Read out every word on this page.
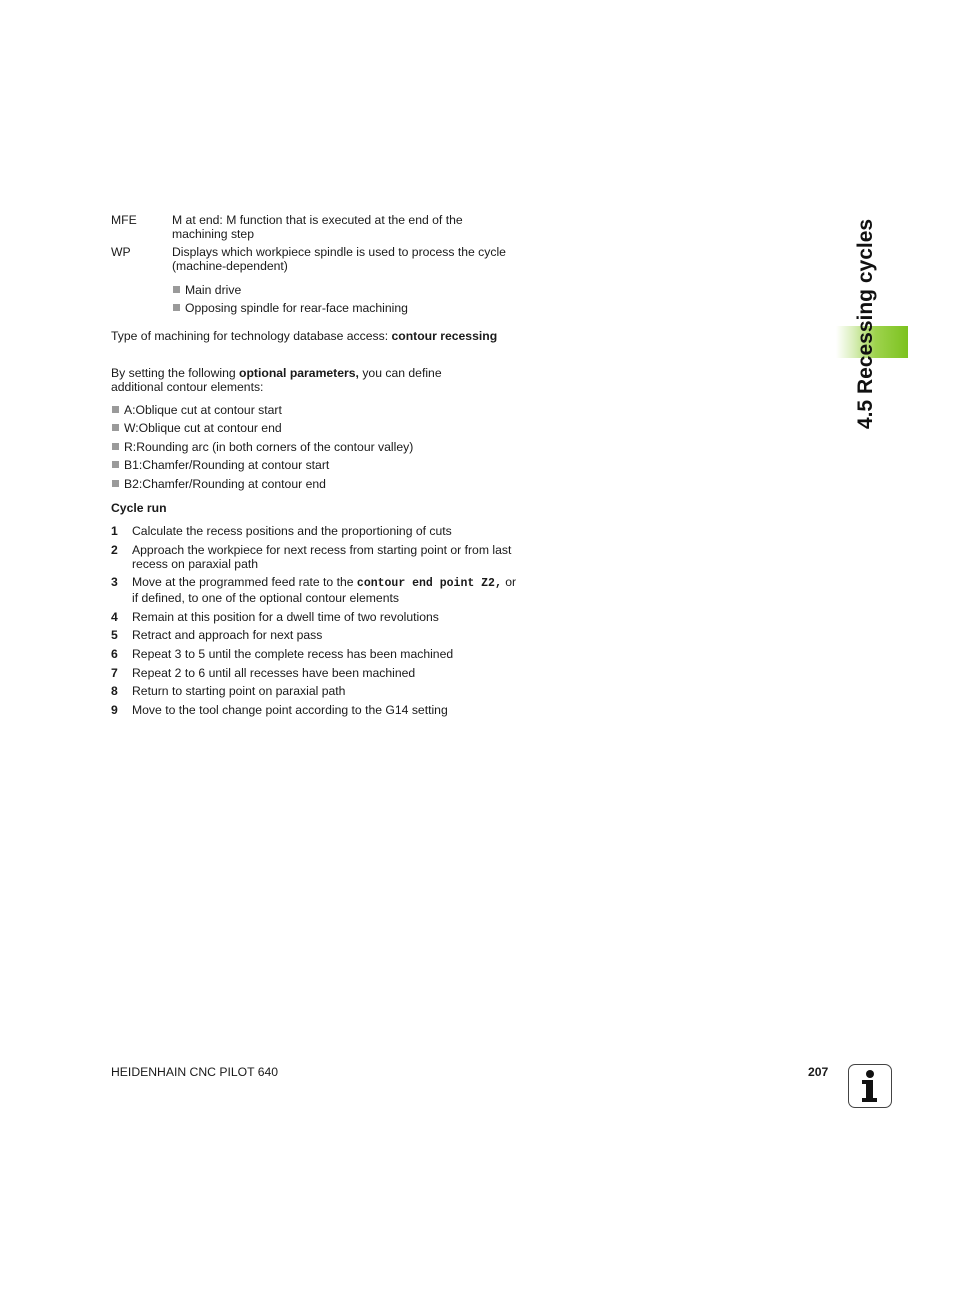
4.5 Recessing cycles
MFE	M at end: M function that is executed at the end of the machining step
WP	Displays which workpiece spindle is used to process the cycle (machine-dependent)
Main drive
Opposing spindle for rear-face machining
Type of machining for technology database access: contour recessing
By setting the following optional parameters, you can define additional contour elements:
A:Oblique cut at contour start
W:Oblique cut at contour end
R:Rounding arc (in both corners of the contour valley)
B1:Chamfer/Rounding at contour start
B2:Chamfer/Rounding at contour end
Cycle run
1	Calculate the recess positions and the proportioning of cuts
2	Approach the workpiece for next recess from starting point or from last recess on paraxial path
3	Move at the programmed feed rate to the contour end point Z2, or if defined, to one of the optional contour elements
4	Remain at this position for a dwell time of two revolutions
5	Retract and approach for next pass
6	Repeat 3 to 5 until the complete recess has been machined
7	Repeat 2 to 6 until all recesses have been machined
8	Return to starting point on paraxial path
9	Move to the tool change point according to the G14 setting
HEIDENHAIN CNC PILOT 640	207
